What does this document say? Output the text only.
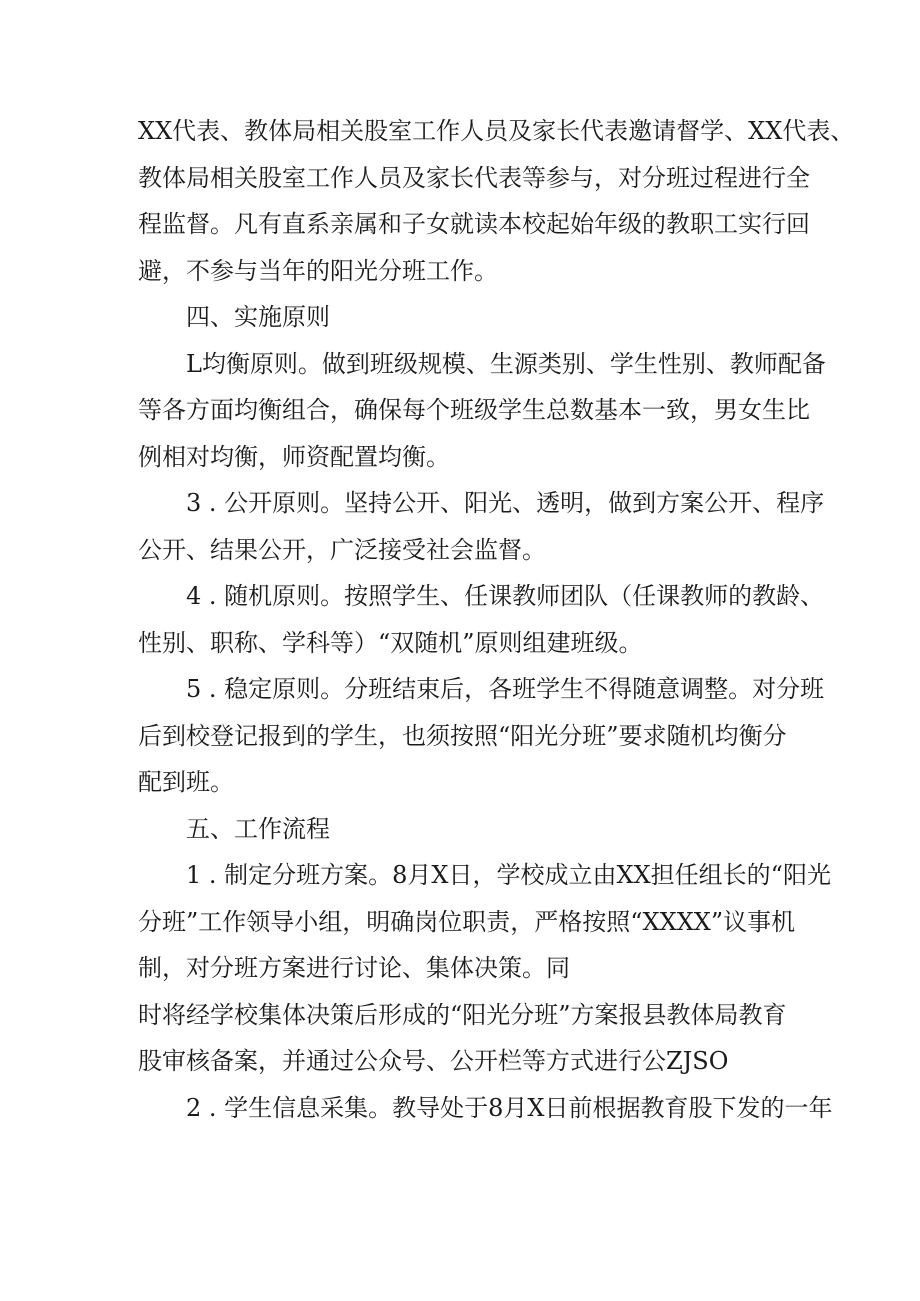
XX代表、教体局相关股室工作人员及家长代表邀请督学、XX代表、
教体局相关股室工作人员及家长代表等参与，对分班过程进行全
程监督。凡有直系亲属和子女就读本校起始年级的教职工实行回
避，不参与当年的阳光分班工作。
四、实施原则
L均衡原则。做到班级规模、生源类别、学生性别、教师配备
等各方面均衡组合，确保每个班级学生总数基本一致，男女生比
例相对均衡，师资配置均衡。
3 . 公开原则。坚持公开、阳光、透明，做到方案公开、程序
公开、结果公开，广泛接受社会监督。
4 . 随机原则。按照学生、任课教师团队（任课教师的教龄、
性别、职称、学科等）“双随机”原则组建班级。
5 . 稳定原则。分班结束后，各班学生不得随意调整。对分班
后到校登记报到的学生，也须按照“阳光分班”要求随机均衡分
配到班。
五、工作流程
1 . 制定分班方案。8月X日，学校成立由XX担任组长的“阳光
分班”工作领导小组，明确岗位职责，严格按照“XXXX”议事机
制，对分班方案进行讨论、集体决策。同
时将经学校集体决策后形成的“阳光分班”方案报县教体局教育
股审核备案，并通过公众号、公开栏等方式进行公ZJSO
2 . 学生信息采集。教导处于8月X日前根据教育股下发的一年
